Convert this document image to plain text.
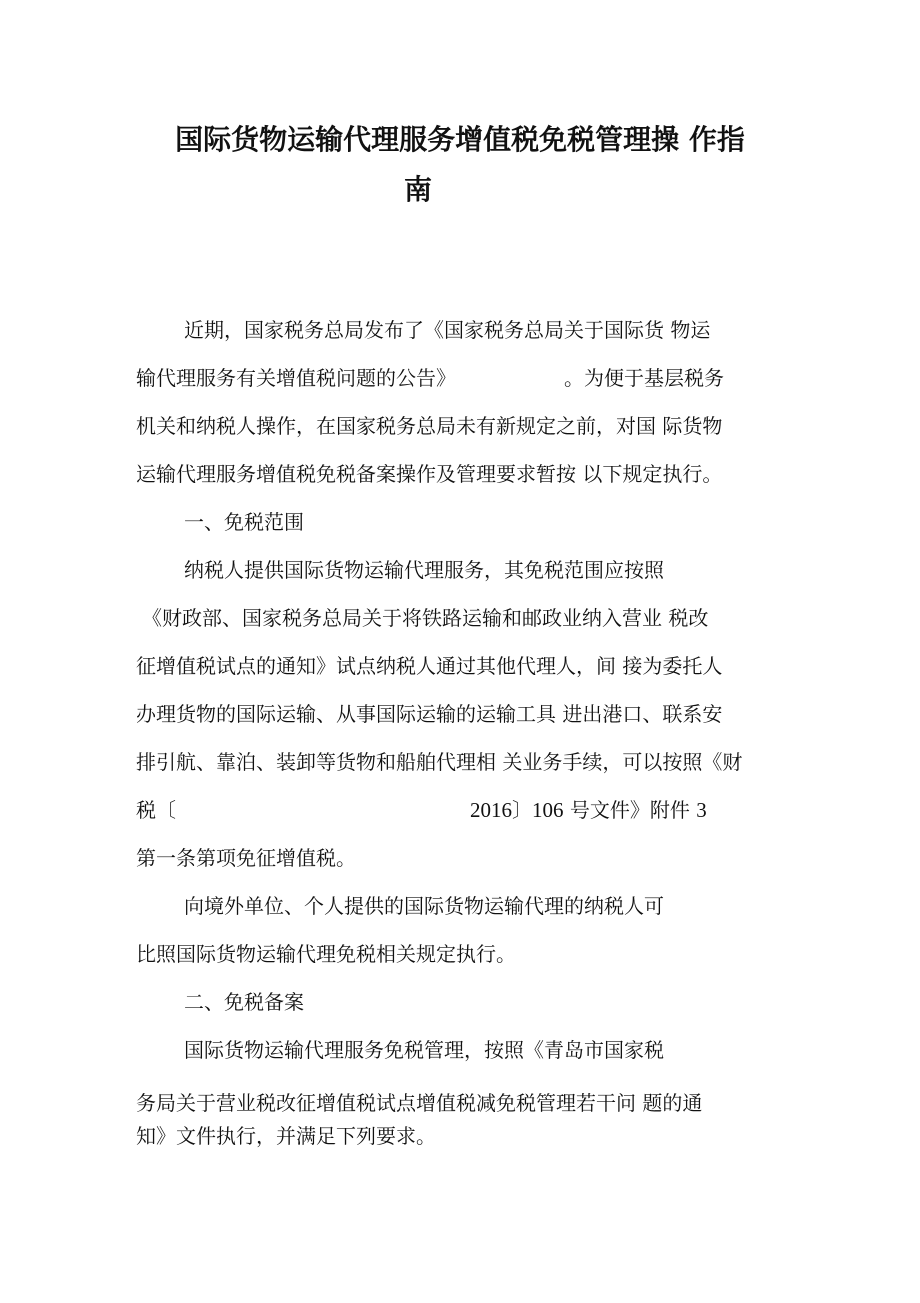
国际货物运输代理服务增值税免税管理操 作指
南
近期，国家税务总局发布了《国家税务总局关于国际货 物运
输代理服务有关增值税问题的公告》	。为便于基层税务
机关和纳税人操作，在国家税务总局未有新规定之前，对国 际货物
运输代理服务增值税免税备案操作及管理要求暂按 以下规定执行。
一、免税范围
纳税人提供国际货物运输代理服务，其免税范围应按照
《财政部、国家税务总局关于将铁路运输和邮政业纳入营业 税改
征增值税试点的通知》试点纳税人通过其他代理人，间 接为委托人
办理货物的国际运输、从事国际运输的运输工具 进出港口、联系安
排引航、靠泊、装卸等货物和船舶代理相 关业务手续，可以按照《财
税〔	2016〕106 号文件》附件 3
第一条第项免征增值税。
向境外单位、个人提供的国际货物运输代理的纳税人可
比照国际货物运输代理免税相关规定执行。
二、免税备案
国际货物运输代理服务免税管理，按照《青岛市国家税
务局关于营业税改征增值税试点增值税减免税管理若干问 题的通
知》文件执行，并满足下列要求。
